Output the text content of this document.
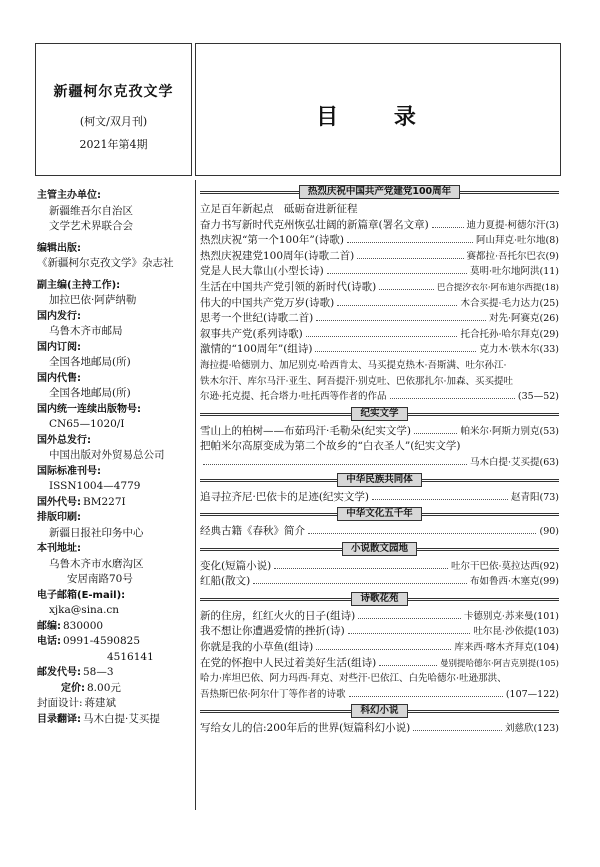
新疆柯尔克孜文学
(柯文/双月刊)
2021年第4期
目 录
主管主办单位:
新疆维吾尔自治区
文学艺术界联合会
编辑出版:
《新疆柯尔克孜文学》杂志社
副主编(主持工作):
加拉巴依·阿萨纳勒
国内发行:
乌鲁木齐市邮局
国内订阅:
全国各地邮局(所)
国内代售:
全国各地邮局(所)
国内统一连续出版物号:
CN65—1020/I
国外总发行:
中国出版对外贸易总公司
国际标准刊号:
ISSN1004—4779
国外代号: BM227I
排版印刷:
新疆日报社印务中心
本刊地址:
乌鲁木齐市水磨沟区
安居南路70号
电子邮箱(E-mail):
xjka@sina.cn
邮编: 830000
电话: 0991-4590825
4516141
邮发代号: 58—3
定价: 8.00元
封面设计: 蒋建斌
目录翻译: 马木白提·艾买提
热烈庆祝中国共产党建党100周年
立足百年新起点　砥砺奋进新征程
奋力书写新时代克州恢弘壮阔的新篇章(署名文章)	迪力夏提·柯德尔汗(3)
热烈庆祝“第一个100年”(诗歌)	阿山拜克·吐尔地(8)
热烈庆祝建党100周年(诗歌二首)	赛都拉·吾托尔巴衣(9)
党是人民大靠山(小型长诗)	莫明·吐尔地阿洪(11)
生活在中国共产党引领的新时代(诗歌)	巴合提汐衣尔·阿布迪尔西提(18)
伟大的中国共产党万岁(诗歌)	木合买提·毛力达力(25)
思考一个世纪(诗歌二首)	对先·阿赛克(26)
叙事共产党(系列诗歌)	托合托孙·哈尔拜克(29)
激情的“100周年”(组诗)	克力木·铁木尔(33)
海拉提·哈德别力、加尼别克·哈西肯太、马买提克热木·吾斯满、吐尔孙江·
铁木尔汗、库尔马汗·亚生、阿吾提汗·别克吐、巴依那扎尔·加森、买买提吐
尔逊·托克提、托合塔力·吐托西等作者的作品	(35—52)
纪实文学
雪山上的柏树——布茹玛汗·毛勒朵(纪实文学)	帕米尔·阿斯力别克(53)
把帕米尔高原变成为第二个故乡的“白衣圣人”(纪实文学)
马木白提·艾买提(63)
中华民族共同体
追寻拉齐尼·巴依卡的足迹(纪实文学)	赵青阳(73)
中华文化五千年
经典古籍《春秋》简介	(90)
小说散文园地
变化(短篇小说)	吐尔干巴依·莫拉达西(92)
红船(散文)	布如鲁西·木塞克(99)
诗歌花苑
新的住房，红红火火的日子(组诗)	卡德别克·苏来曼(101)
我不想让你遭遇爱情的挫折(诗)	吐尔昆·沙依提(103)
你就是我的小草鱼(组诗)	库来西·喀木齐拜克(104)
在党的怀抱中人民过着美好生活(组诗)	曼别提哈德尔·阿吉克别提(105)
哈力·库坦巴依、阿力玛西·拜克、对些汗·巴依江、白先哈德尔·吐逊那洪、
吾热斯巴依·阿尔什丁等作者的诗歌	(107—122)
科幻小说
写给女儿的信:200年后的世界(短篇科幻小说)	刘慈欣(123)
